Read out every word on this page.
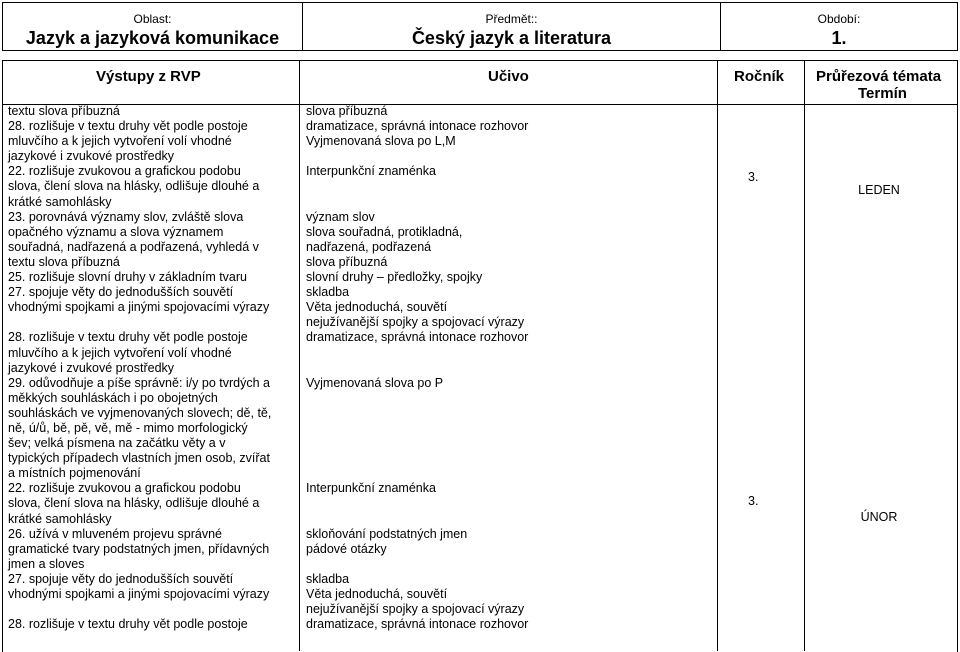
Oblast:
Jazyk a jazyková komunikace
Předmět::
Český jazyk a literatura
Období:
1.
Výstupy z RVP	Učivo	Ročník Průřezová témata
Termín
textu slova příbuzná
28. rozlišuje v textu druhy vět podle postoje
mluvčího a k jejich vytvoření volí vhodné
jazykové i zvukové prostředky
22. rozlišuje zvukovou a grafickou podobu
slova, člení slova na hlásky, odlišuje dlouhé a
krátké samohlásky
23. porovnává významy slov, zvláště slova
opačného významu a slova významem
souřadná, nadřazená a podřazená, vyhledá v
textu slova příbuzná
25. rozlišuje slovní druhy v základním tvaru
27. spojuje věty do jednodušších souvětí
vhodnými spojkami a jinými spojovacími výrazy
28. rozlišuje v textu druhy vět podle postoje
mluvčího a k jejich vytvoření volí vhodné
jazykové i zvukové prostředky
29. odůvodňuje a píše správně: i/y po tvrdých a
měkkých souhláskách i po obojetných
souhláskách ve vyjmenovaných slovech; dě, tě,
ně, ú/ů, bě, pě, vě, mě - mimo morfologický
šev; velká písmena na začátku věty a v
typických případech vlastních jmen osob, zvířat
a místních pojmenování
22. rozlišuje zvukovou a grafickou podobu
slova, člení slova na hlásky, odlišuje dlouhé a
krátké samohlásky
26. užívá v mluveném projevu správné
gramatické tvary podstatných jmen, přídavných
jmen a sloves
27. spojuje věty do jednodušších souvětí
vhodnými spojkami a jinými spojovacími výrazy
28. rozlišuje v textu druhy vět podle postoje
slova příbuzná
dramatizace, správná intonace rozhovor
Vyjmenovaná slova po L,M
Interpunkční znaménka
význam slov
slova souřadná, protikladná,
nadřazená, podřazená
slova příbuzná
slovní druhy – předložky, spojky
skladba
Věta jednoduchá, souvětí
nejužívanější spojky a spojovací výrazy
dramatizace, správná intonace rozhovor
Vyjmenovaná slova po P
Interpunkční znaménka
skloňování podstatných jmen
pádové otázky
skladba
Věta jednoduchá, souvětí
nejužívanější spojky a spojovací výrazy
dramatizace, správná intonace rozhovor
3.
3.
LEDEN
ÚNOR
